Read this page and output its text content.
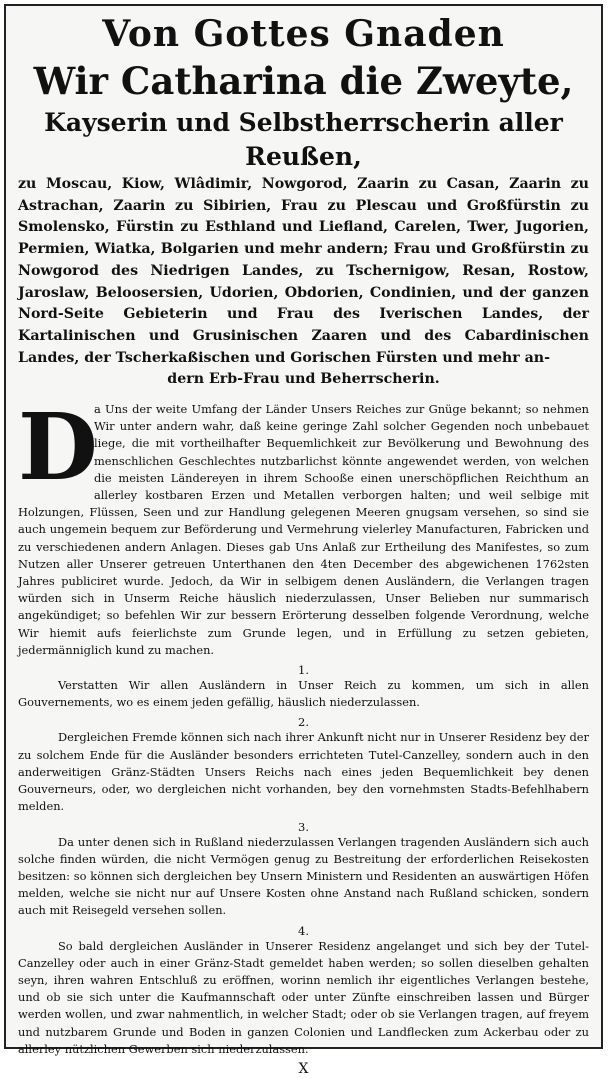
Von Gottes Gnaden
Wir Catharina die Zweyte,
Kayserin und Selbstherrscherin aller Reußen,

zu Moscau, Kiow, Wlâdimir, Nowgorod, Zaarin zu Casan, Zaarin zu Astrachan, Zaarin zu Sibirien, Frau zu Plescau und Großfürstin zu Smolensko, Fürstin zu Esthland und Liefland, Carelen, Twer, Jugorien, Permien, Wiatka, Bolgarien und mehr andern; Frau und Großfürstin zu Nowgorod des Niedrigen Landes, zu Tschernigow, Resan, Rostow, Jaroslaw, Beloosersien, Udorien, Obdorien, Condinien, und der ganzen Nord-Seite Gebieterin und Frau des Iverischen Landes, der Kartalinischen und Grusinischen Zaaren und des Cabardinischen Landes, der Tscherkaßischen und Gorischen Fürsten und mehr an-
dern Erb-Frau und Beherrscherin.

D

a Uns der weite Umfang der Länder Unsers Reiches zur Gnüge bekannt; so nehmen Wir unter andern wahr, daß keine geringe Zahl solcher Gegenden noch unbebauet liege, die mit vortheilhafter Bequemlichkeit zur Bevölkerung und Bewohnung des menschlichen Geschlechtes nutzbarlichst könnte angewendet werden, von welchen die meisten Ländereyen in ihrem Schooße einen unerschöpflichen Reichthum an allerley kostbaren Erzen und Metallen verborgen halten; und weil selbige mit Holzungen, Flüssen, Seen und zur Handlung gelegenen Meeren gnugsam versehen, so sind sie auch ungemein bequem zur Beförderung und Vermehrung vielerley Manufacturen, Fabricken und zu verschiedenen andern Anlagen. Dieses gab Uns Anlaß zur Ertheilung des Manifestes, so zum Nutzen aller Unserer getreuen Unterthanen den 4ten December des abgewichenen 1762sten Jahres publiciret wurde. Jedoch, da Wir in selbigem denen Ausländern, die Verlangen tragen würden sich in Unserm Reiche häuslich niederzulassen, Unser Belieben nur summarisch angekündiget; so befehlen Wir zur bessern Erörterung desselben folgende Verordnung, welche Wir hiemit aufs feierlichste zum Grunde legen, und in Erfüllung zu setzen gebieten, jedermänniglich kund zu machen.

1.

Verstatten Wir allen Ausländern in Unser Reich zu kommen, um sich in allen Gouvernements, wo es einem jeden gefällig, häuslich niederzulassen.

2.

Dergleichen Fremde können sich nach ihrer Ankunft nicht nur in Unserer Residenz bey der zu solchem Ende für die Ausländer besonders errichteten Tutel-Canzelley, sondern auch in den anderweitigen Gränz-Städten Unsers Reichs nach eines jeden Bequemlichkeit bey denen Gouverneurs, oder, wo dergleichen nicht vorhanden, bey den vornehmsten Stadts-Befehlhabern melden.

3.

Da unter denen sich in Rußland niederzulassen Verlangen tragenden Ausländern sich auch solche finden würden, die nicht Vermögen genug zu Bestreitung der erforderlichen Reisekosten besitzen: so können sich dergleichen bey Unsern Ministern und Residenten an auswärtigen Höfen melden, welche sie nicht nur auf Unsere Kosten ohne Anstand nach Rußland schicken, sondern auch mit Reisegeld versehen sollen.

4.

So bald dergleichen Ausländer in Unserer Residenz angelanget und sich bey der Tutel-Canzelley oder auch in einer Gränz-Stadt gemeldet haben werden; so sollen dieselben gehalten seyn, ihren wahren Entschluß zu eröffnen, worinn nemlich ihr eigentliches Verlangen bestehe, und ob sie sich unter die Kaufmannschaft oder unter Zünfte einschreiben lassen und Bürger werden wollen, und zwar nahmentlich, in welcher Stadt; oder ob sie Verlangen tragen, auf freyem und nutzbarem Grunde und Boden in ganzen Colonien und Landflecken zum Ackerbau oder zu allerley nützlichen Gewerben sich niederzulassen.

X
